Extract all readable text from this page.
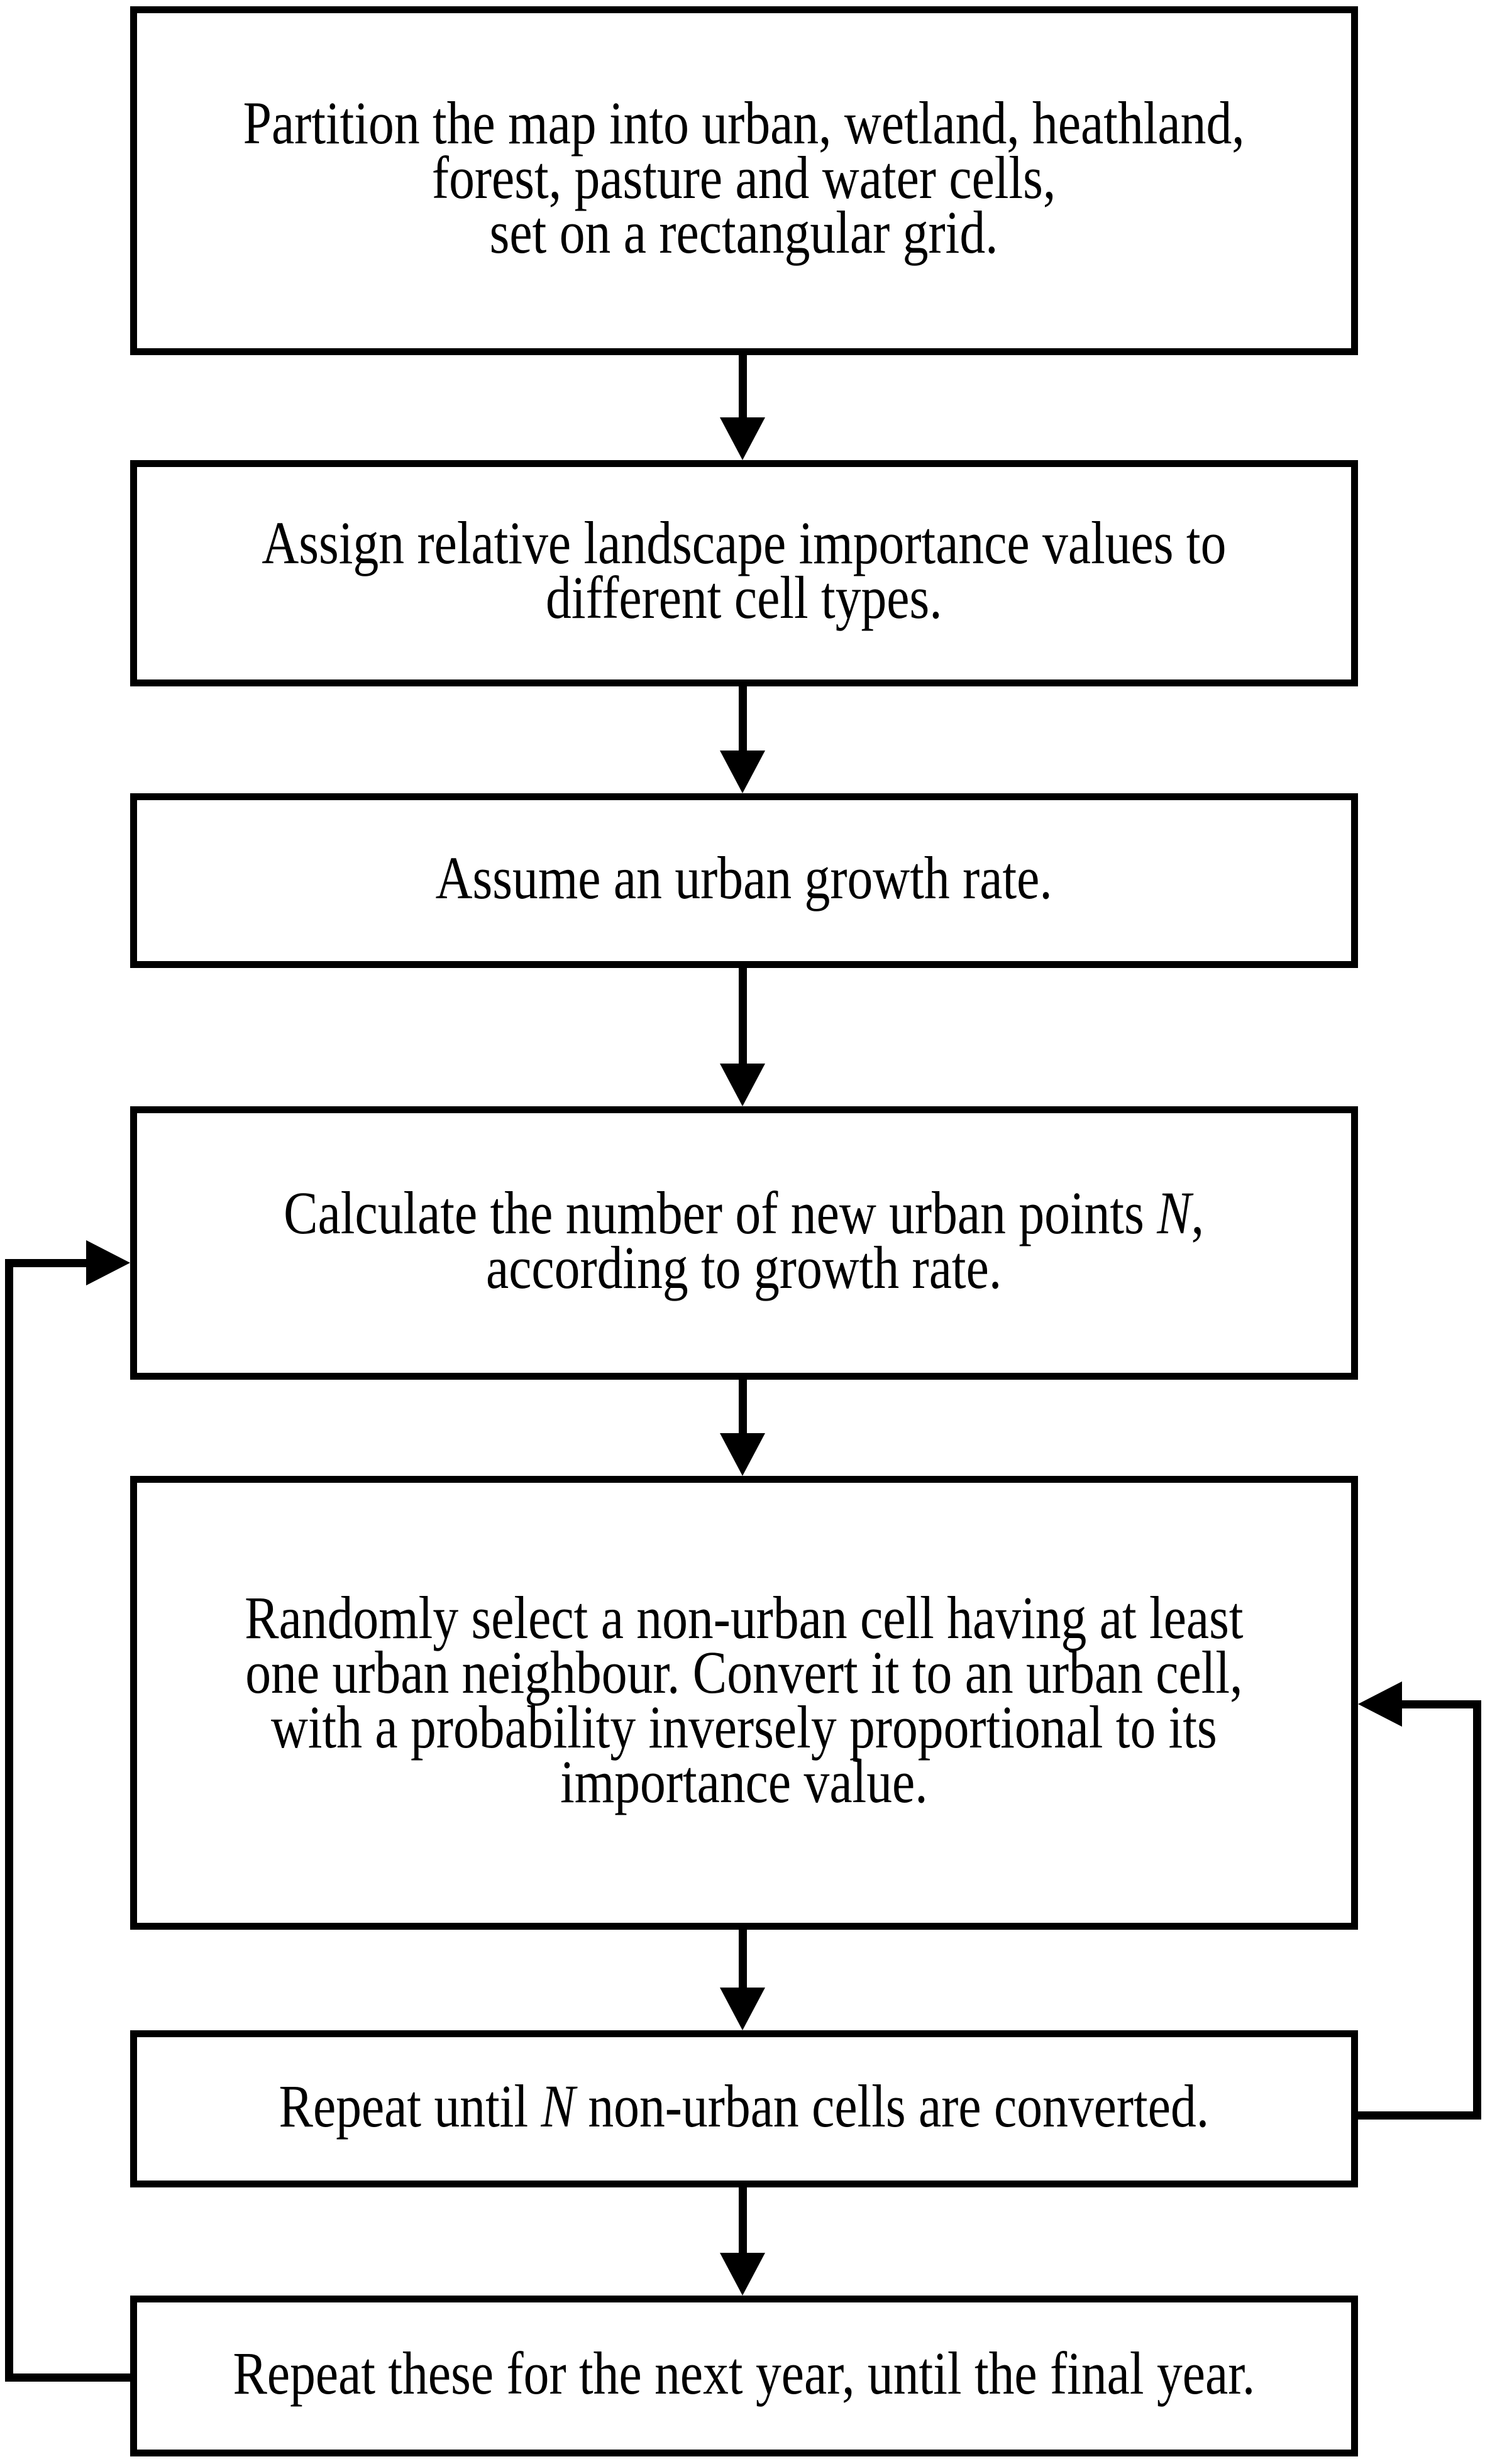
Partition the map into urban, wetland, heathland,
forest, pasture and water cells,
set on a rectangular grid.
Assign relative landscape importance values to
different cell types.
Assume an urban growth rate.
Calculate the number of new urban points N,
according to growth rate.
Randomly select a non-urban cell having at least
one urban neighbour. Convert it to an urban cell,
with a probability inversely proportional to its
importance value.
Repeat until N non-urban cells are converted.
Repeat these for the next year, until the final year.
